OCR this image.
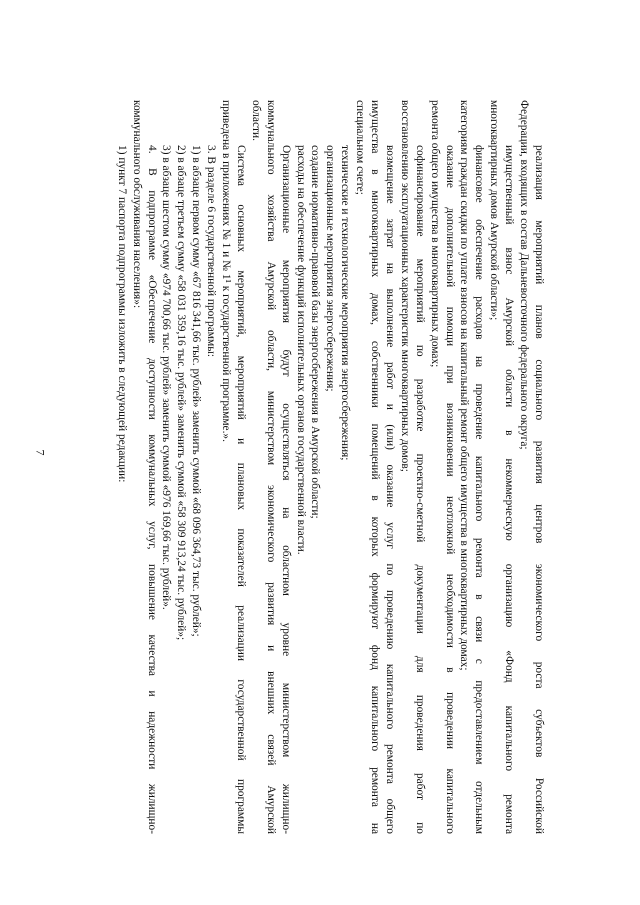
7	реализация мероприятий планов социального развития центров экономического роста субъектов Российской
Федерации, входящих в состав Дальневосточного федерального округа;
имущественный взнос Амурской области в некоммерческую организацию «Фонд капитального ремонта
многоквартирных домов Амурской области»;
финансовое обеспечение расходов на проведение капитального ремонта в связи с предоставлением отдельным
категориям граждан скидки по уплате взносов на капитальный ремонт общего имущества в многоквартирных домах;
оказание дополнительной помощи при возникновении неотложной необходимости в проведении капитального
ремонта общего имущества в многоквартирных домах;
софинансирование мероприятий по разработке проектно-сметной документации для проведения работ по
восстановлению эксплуатационных характеристик многоквартирных домов;
возмещение затрат на выполнение работ и (или) оказание услуг по проведению капитального ремонта общего
имущества в многоквартирных домах, собственники помещений в которых формируют фонд капитального ремонта на
специальном счете;
технические и технологические мероприятия энергосбережения;
организационные мероприятия энергосбережения;
создание нормативно-правовой базы энергосбережения в Амурской области;
расходы на обеспечение функций исполнительных органов государственной власти.
Организационные мероприятия будут осуществляться на областном уровне министерством жилищно-
коммунального хозяйства Амурской области, министерством экономического развития и внешних связей Амурской
области.
Система основных мероприятий, мероприятий и плановых показателей реализации государственной программы
приведена в приложениях № 1 и № 1¹ к государственной программе.».
3. В разделе 6 государственной программы:
1) в абзаце первом сумму «67 816 341,66 тыс. рублей» заменить суммой «68 096 364,73 тыс. рублей»;
2) в абзаце третьем сумму «58 031 359,16 тыс. рублей» заменить суммой «58 309 913,24 тыс. рублей»;
3) в абзаце шестом сумму «974 700,66 тыс. рублей» заменить суммой «976 169,66 тыс. рублей».
4. В подпрограмме «Обеспечение доступности коммунальных услуг, повышение качества и надежности жилищно-
коммунального обслуживания населения»:
1) пункт 7 паспорта подпрограммы изложить в следующей редакции:
